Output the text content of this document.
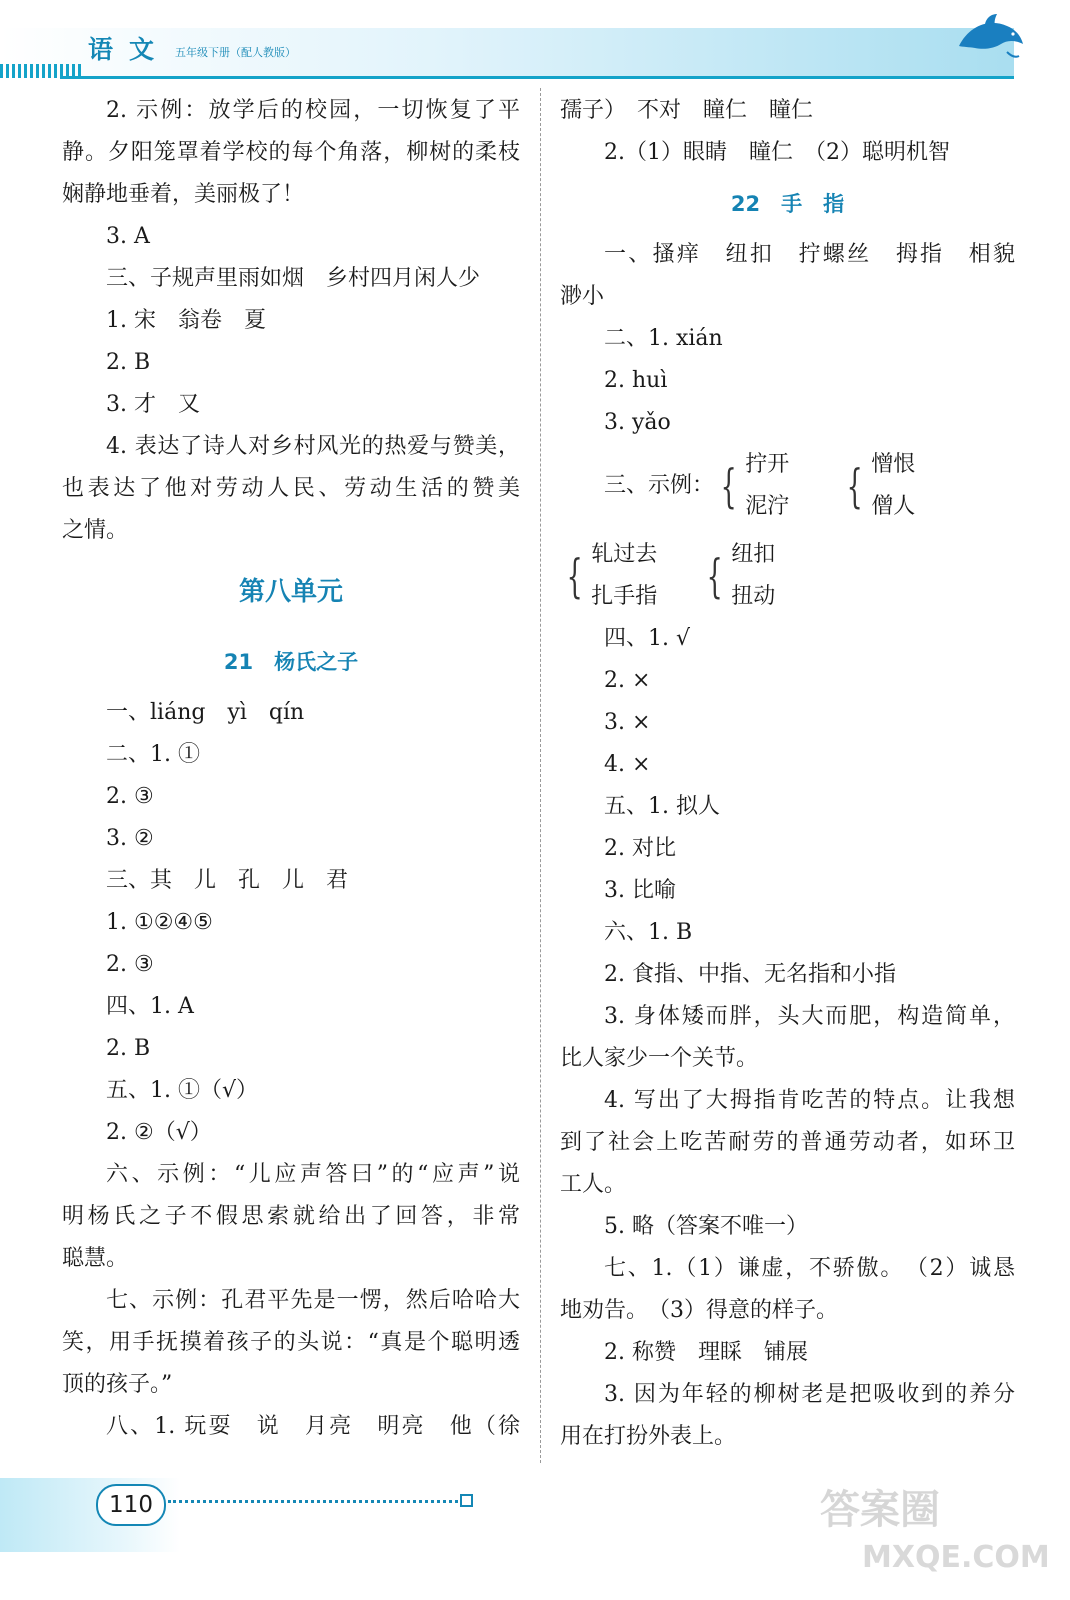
语文 五年级下册（配人教版）
2. 示例：放学后的校园，一切恢复了平
静。夕阳笼罩着学校的每个角落，柳树的柔枝
娴静地垂着，美丽极了！
3. A
三、子规声里雨如烟　乡村四月闲人少
1. 宋　翁卷　夏
2. B
3. 才　又
4. 表达了诗人对乡村风光的热爱与赞美，
也表达了他对劳动人民、劳动生活的赞美
之情。
第八单元
21　杨氏之子
一、liáng　yì　qín
二、1. ①
2. ③
3. ②
三、其　儿　孔　儿　君
1. ①②④⑤
2. ③
四、1. A
2. B
五、1. ①（√）
2. ②（√）
六、示例：“儿应声答曰”的“应声”说
明杨氏之子不假思索就给出了回答，非常
聪慧。
七、示例：孔君平先是一愣，然后哈哈大
笑，用手抚摸着孩子的头说：“真是个聪明透
顶的孩子。”
八、1. 玩耍　说　月亮　明亮　他（徐
孺子）　不对　瞳仁　瞳仁
2.（1）眼睛　瞳仁　（2）聪明机智
22　手　指
一、搔痒　纽扣　拧螺丝　拇指　相貌
渺小
二、1. xián
2. huì
3. yǎo
三、示例： { 拧开
泥泞 { 憎恨
僧人
{ 轧过去
扎手指 { 纽扣
扭动
四、1. √
2. ×
3. ×
4. ×
五、1. 拟人
2. 对比
3. 比喻
六、1. B
2. 食指、中指、无名指和小指
3. 身体矮而胖，头大而肥，构造简单，
比人家少一个关节。
4. 写出了大拇指肯吃苦的特点。让我想
到了社会上吃苦耐劳的普通劳动者，如环卫
工人。
5. 略（答案不唯一）
七、1.（1）谦虚，不骄傲。　（2）诚恳
地劝告。　（3）得意的样子。
2. 称赞　理睬　铺展
3. 因为年轻的柳树老是把吸收到的养分
用在打扮外表上。
110	答案圈
MXQE.COM
